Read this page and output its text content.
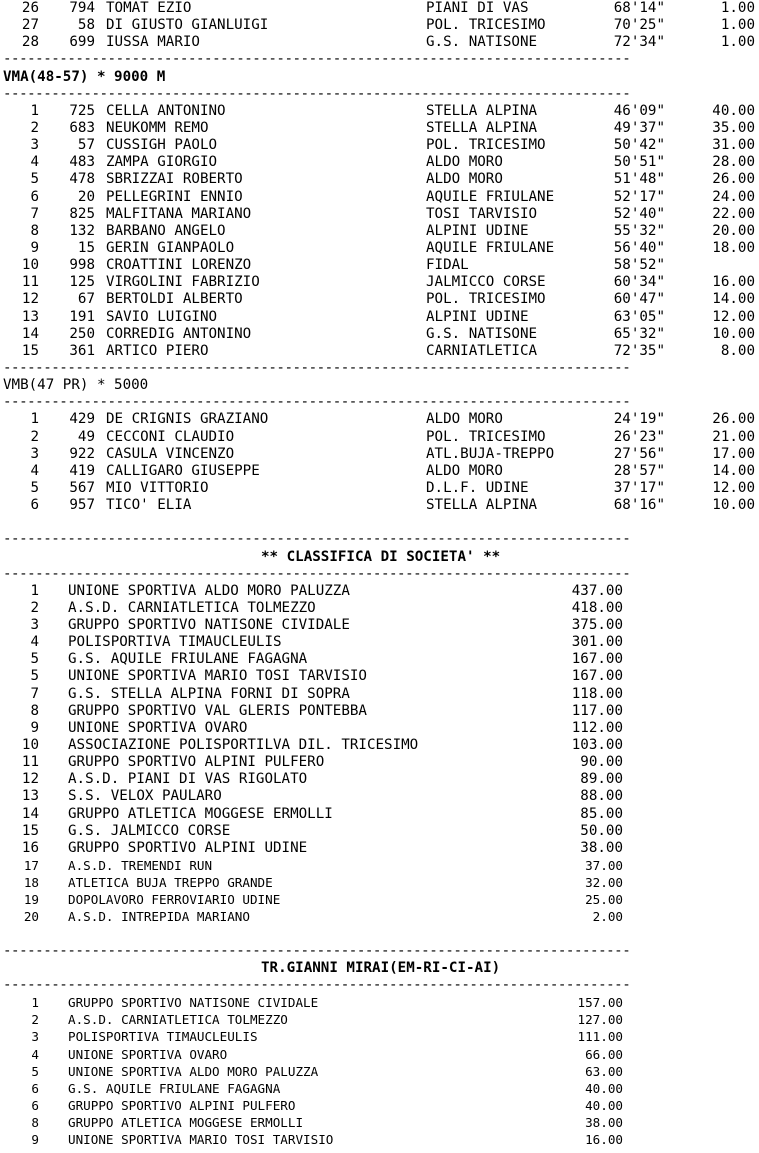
26	794 TOMAT EZIO	PIANI DI VAS	68'14"	1.00
27	58 DI GIUSTO GIANLUIGI	POL. TRICESIMO	70'25"	1.00
28	699 IUSSA MARIO	G.S. NATISONE	72'34"	1.00
------------------------------------------------------------------------------
VMA(48-57) * 9000 M
------------------------------------------------------------------------------
1	725 CELLA ANTONINO	STELLA ALPINA	46'09"	40.00
2	683 NEUKOMM REMO	STELLA ALPINA	49'37"	35.00
3	57 CUSSIGH PAOLO	POL. TRICESIMO	50'42"	31.00
4	483 ZAMPA GIORGIO	ALDO MORO	50'51"	28.00
5	478 SBRIZZAI ROBERTO	ALDO MORO	51'48"	26.00
6	20 PELLEGRINI ENNIO	AQUILE FRIULANE	52'17"	24.00
7	825 MALFITANA MARIANO	TOSI TARVISIO	52'40"	22.00
8	132 BARBANO ANGELO	ALPINI UDINE	55'32"	20.00
9	15 GERIN GIANPAOLO	AQUILE FRIULANE	56'40"	18.00
10	998 CROATTINI LORENZO	FIDAL	58'52"
11	125 VIRGOLINI FABRIZIO	JALMICCO CORSE	60'34"	16.00
12	67 BERTOLDI ALBERTO	POL. TRICESIMO	60'47"	14.00
13	191 SAVIO LUIGINO	ALPINI UDINE	63'05"	12.00
14	250 CORREDIG ANTONINO	G.S. NATISONE	65'32"	10.00
15	361 ARTICO PIERO	CARNIATLETICA	72'35"	8.00
------------------------------------------------------------------------------
VMB(47 PR) * 5000
------------------------------------------------------------------------------
1	429 DE CRIGNIS GRAZIANO	ALDO MORO	24'19"	26.00
2	49 CECCONI CLAUDIO	POL. TRICESIMO	26'23"	21.00
3	922 CASULA VINCENZO	ATL.BUJA-TREPPO	27'56"	17.00
4	419 CALLIGARO GIUSEPPE	ALDO MORO	28'57"	14.00
5	567 MIO VITTORIO	D.L.F. UDINE	37'17"	12.00
6	957 TICO' ELIA	STELLA ALPINA	68'16"	10.00
------------------------------------------------------------------------------
** CLASSIFICA DI SOCIETA' **
------------------------------------------------------------------------------
1 UNIONE SPORTIVA ALDO MORO PALUZZA	437.00
2 A.S.D. CARNIATLETICA TOLMEZZO	418.00
3 GRUPPO SPORTIVO NATISONE CIVIDALE	375.00
4 POLISPORTIVA TIMAUCLEULIS	301.00
5 G.S. AQUILE FRIULANE FAGAGNA	167.00
5 UNIONE SPORTIVA MARIO TOSI TARVISIO	167.00
7 G.S. STELLA ALPINA FORNI DI SOPRA	118.00
8 GRUPPO SPORTIVO VAL GLERIS PONTEBBA	117.00
9 UNIONE SPORTIVA OVARO	112.00
10 ASSOCIAZIONE POLISPORTILVA DIL. TRICESIMO	103.00
11 GRUPPO SPORTIVO ALPINI PULFERO	90.00
12 A.S.D. PIANI DI VAS RIGOLATO	89.00
13 S.S. VELOX PAULARO	88.00
14 GRUPPO ATLETICA MOGGESE ERMOLLI	85.00
15 G.S. JALMICCO CORSE	50.00
16 GRUPPO SPORTIVO ALPINI UDINE	38.00
17 A.S.D. TREMENDI RUN	37.00
18 ATLETICA BUJA TREPPO GRANDE	32.00
19 DOPOLAVORO FERROVIARIO UDINE	25.00
20 A.S.D. INTREPIDA MARIANO	2.00
------------------------------------------------------------------------------
TR.GIANNI MIRAI(EM-RI-CI-AI)
------------------------------------------------------------------------------
1 GRUPPO SPORTIVO NATISONE CIVIDALE	157.00
2 A.S.D. CARNIATLETICA TOLMEZZO	127.00
3 POLISPORTIVA TIMAUCLEULIS	111.00
4 UNIONE SPORTIVA OVARO	66.00
5 UNIONE SPORTIVA ALDO MORO PALUZZA	63.00
6 G.S. AQUILE FRIULANE FAGAGNA	40.00
6 GRUPPO SPORTIVO ALPINI PULFERO	40.00
8 GRUPPO ATLETICA MOGGESE ERMOLLI	38.00
9 UNIONE SPORTIVA MARIO TOSI TARVISIO	16.00
